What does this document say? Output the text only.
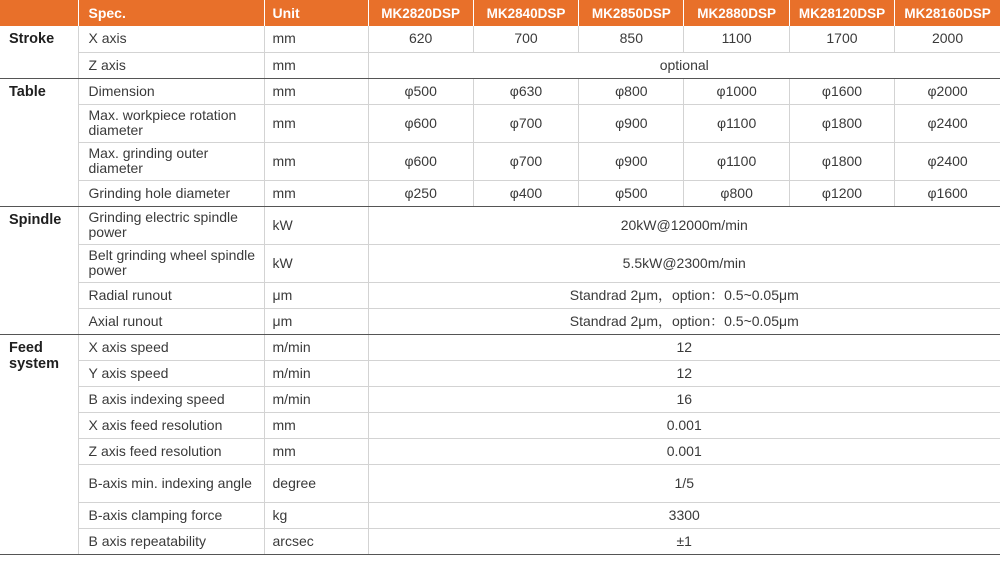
	Spec.	Unit	MK2820DSP	MK2840DSP	MK2850DSP	MK2880DSP	MK28120DSP	MK28160DSP
Stroke	X axis	mm	620	700	850	1100	1700	2000
	Z axis	mm	optional					
Table	Dimension	mm	φ500	φ630	φ800	φ1000	φ1600	φ2000
	Max. workpiece rotation diameter	mm	φ600	φ700	φ900	φ1100	φ1800	φ2400
	Max. grinding outer diameter	mm	φ600	φ700	φ900	φ1100	φ1800	φ2400
	Grinding hole diameter	mm	φ250	φ400	φ500	φ800	φ1200	φ1600
Spindle	Grinding electric spindle power	kW	20kW@12000m/min					
	Belt grinding wheel spindle power	kW	5.5kW@2300m/min					
	Radial runout	μm	Standrad 2μm，option：0.5~0.05μm					
	Axial runout	μm	Standrad 2μm，option：0.5~0.05μm					
Feed system	X axis speed	m/min	12					
	Y axis speed	m/min	12					
	B axis indexing speed	m/min	16					
	X axis feed resolution	mm	0.001					
	Z axis feed resolution	mm	0.001					
	B-axis min. indexing angle	degree	1/5					
	B-axis clamping force	kg	3300					
	B axis repeatability	arcsec	±1					
